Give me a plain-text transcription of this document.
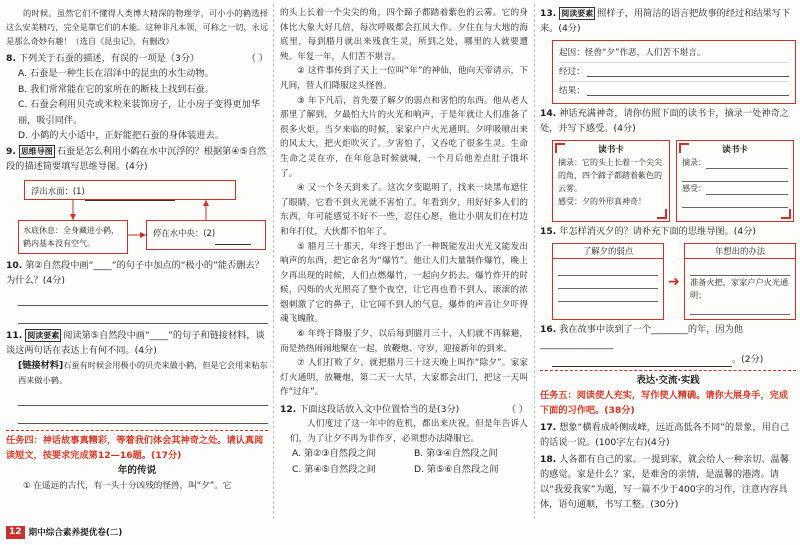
的时候。虽然它们不懂得人类博大精深的物理学，可小小的鹤选择这么安美精巧，完全是靠它们的本能。这种非凡本领，可称之一切，永远是那么奇妙有趣！（选自《昆虫记》，有删改）

8. 下列关于石蚕的描述，有误的一项是（3分）	（ ）

A. 石蚕是一种生长在沼泽中的昆虫的水生动物。

B. 我们常常能在它的家所在的断枝上找到石蚕。

C. 石蚕会利用贝壳或米粒来装饰房子，让小房子变得更加华丽，吸引同伴。

D. 小鹤的大小适中，正好能把石蚕的身体装进去。

9. 思维导图 石蚕是怎么利用小鹤在水中沉浮的？根据第④⑤自然段的描述简要填写思维导图。(4分)

浮出水面：(1)
水底休息：全身藏进小鹤，鹤内基本没有空气。
停在水中央：(2)

10. 第②自然段中画“____”的句子中加点的“极小的”能否删去？为什么？(4分)

11. 阅读要素 阅读第⑤自然段中画“____”的句子和链接材料，谈谈这两句话在表达上有何不同。(4分)

[链接材料]石蚕有时候会用极小的贝壳来做小鹤，但是它会用来粘东西来做小鹤。

任务四：神话故事真精彩，等着我们体会其神奇之处。请认真阅读短文，按要求完成第12—16题。(17分)

年的传说

① 在遥远的古代，有一头十分凶残的怪兽，叫“夕”。它

的头上长着一个尖尖的角，四个蹄子都踏着紫色的云雾。它的身体比大象大好几倍，每次呼吸都会扛风大作。夕住在与大地的海底里，每到腊月就出来残食生灵，所到之处，哪里的人就要遭殃。年复一年，人们苦不堪言。

② 这件事传到了天上一位叫“年”的神仙，他向天帝请示，下凡间，替人们降服这头怪兽。

③ 年下凡后，首先要了解夕的弱点和害怕的东西。他从老人那里了解到，夕最怕大片的火光和响声，于是年就让人们准备了很多火炬，当夕来临的时候，家家户户火光通明。夕呼吸喷出来的风太大，把火炬吹灭了。夕害怕了，又吞吃了很多生灵。生命生命之灵在亦，在年危急时候就喊，一个月后他差点肚子饿坏了。

④ 又一个冬天到来了。这次夕变聪明了，找来一块黑布遮住了眼睛，它看不到火光就不害怕了。年看到夕，用好好多人们的东西，年可能感觉不好不一些，忍住心愿，他让小朋友们在村边和年打仗，大伙都不怕年了。

⑤ 腊月三十那天，年终于想出了一种既能发出火光又能发出响声的东西，把它命名为“爆竹”。他让人们大量制作爆竹，晚上夕再出现的时候，人们点燃爆竹，一起向夕扔去。爆竹炸开的时候，闪烁的火光照亮了整个夜空，让它再也看不到人，滚滚的浓烟刺激了它的鼻子，让它闻不到人的气息，爆炸的声音让夕吓得魂飞魄散。

⑥ 年终于降服了夕，以后每到腊月三十，人们就不再躲避，而是热热闹闹地聚在一起，放鞭炮、守岁，迎接新年的到来。

⑦ 人们打败了夕，就把腊月三十这天晚上叫作“除夕”。家家灯火通明，放鞭炮，第二天一大早，大家都会出门，把这一天叫作“过年”。

12. 下面这段话放入文中位置恰当的是(3分)	（ ）

人们度过了这一年中的危机，都出来庆祝。但是年告诉人们，为了让夕不再为非作歹，必须想办法降服它。

A. 第②③自然段之间	B. 第③④自然段之间

C. 第④⑤自然段之间	D. 第⑤⑥自然段之间

13. 阅读要素 照样子，用简洁的语言把故事的经过和结果写下来。(4分)

起因：怪兽“夕”作恶，人们苦不堪言。
经过：
结果：

14. 神话充满神奇，请你仿照下面的读书卡，摘录一处神奇之处，并写下感受。(4分)

读书卡
摘录：它的头上长着一个尖尖的角，四个蹄子都踏着紫色的云雾。
感受：夕的外形真神奇！
读书卡
摘录：
感受：

15. 年怎样消灭夕的？请补充下面的思维导图。(4分)

了解夕的弱点
➜
年想出的办法
准备火把，家家户户火光通明；

16. 我在故事中读到了一个________的年，因为他________________

。(2分)

表达·交流·实践

任务五：阅读使人充实，写作使人精确。请你大展身手，完成下面的习作吧。(38分)

17. 想象“横看成岭侧成峰，远近高低各不同”的景象，用自己的话说一说。(100字左右)(4分)

18. 人各都有自己的家。一提到家，就会给人一种亲切、温馨的感觉。家是什么？家，是难舍的亲情，是温馨的港湾。请以“我爱我家”为题，写一篇不少于400字的习作，注意内容具体，语句通顺，书写工整。(30分)

12 期中综合素养提优卷(二)
